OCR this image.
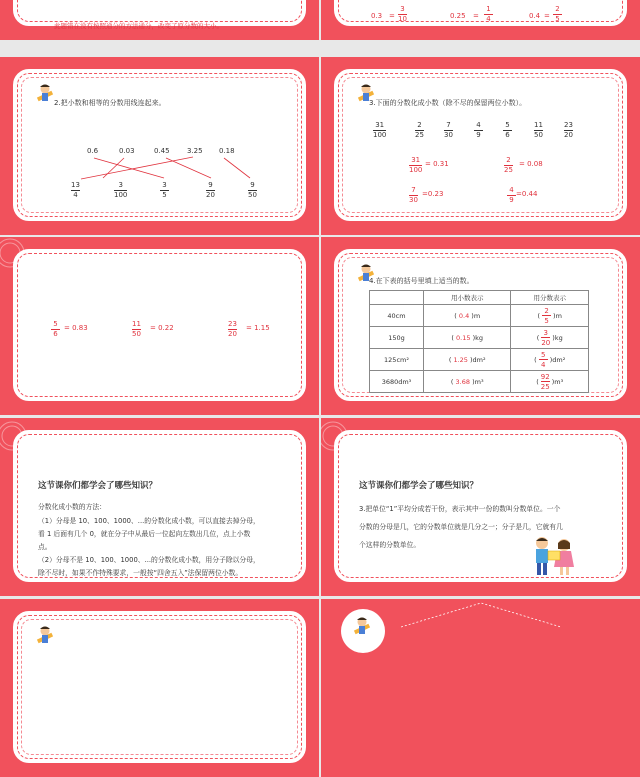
此题错在没有按照通分的方法通分，改变了原分数的大小。
0.3 =
3
10	0.25 =
1
4	0.4 =
2
5
2.把小数和相等的分数用线连起来。
0.6	0.03	0.45 3.25 0.18
13
4
3
100
3
5
9
20
9
50
3.下面的分数化成小数（除不尽的保留两位小数）。
31
100
2
25
7
30
4
9
5
6
11
50
23
20
31
100
= 0.31	2
25
= 0.08
7
30
=0.23	4
9
=0.44
5
6
= 0.83	11
50
= 0.22	23
20
= 1.15
4.在下表的括号里填上适当的数。
	用小数表示	用分数表示
40cm	( 0.4 )m	( $\frac{2}{5}$ ) m

150g	( 0.15 )kg	( $\frac{3}{20}$ ) kg

125cm²	( 1.25 )dm²	( $\frac{5}{4}$ ) dm²

3680dm³	( 3.68 )m³	( $\frac{92}{25}$ ) m³
这节课你们都学会了哪些知识？
分数化成小数的方法：
（1）分母是 10、100、1000、...的分数化成小数，可以直接去掉分母，
看 1 后面有几个 0，就在分子中从最后一位起向左数出几位，点上小数
点。
（2）分母不是 10、100、1000、...的分数化成小数，用分子除以分母，
除不尽时，如果不作特殊要求，一般按“四舍五入”法保留两位小数。
这节课你们都学会了哪些知识？
3.把单位“1”平均分成若干份，表示其中一份的数叫分数单位。一个
分数的分母是几，它的分数单位就是几分之一；分子是几，它就有几
个这样的分数单位。
